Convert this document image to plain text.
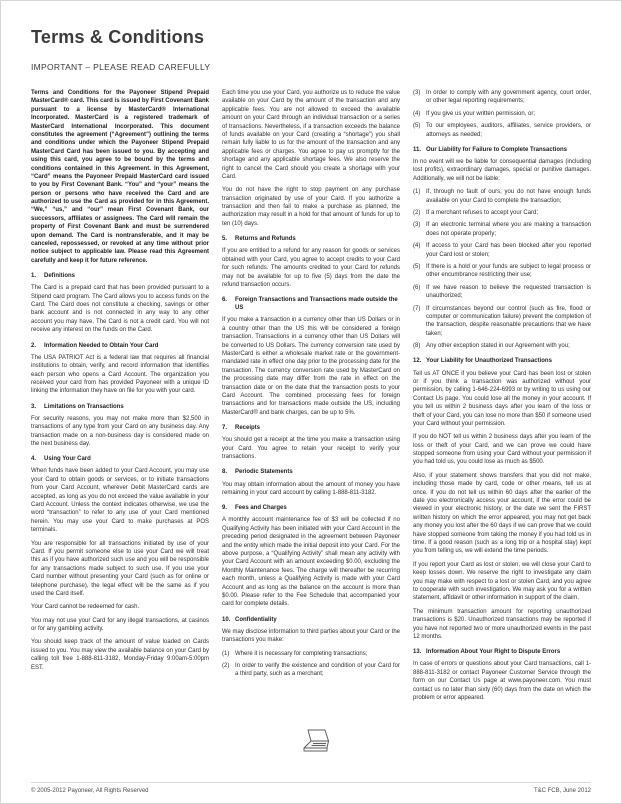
Terms & Conditions
IMPORTANT – PLEASE READ CAREFULLY

Terms and Conditions for the Payoneer Stipend Prepaid MasterCard® card. This card is issued by First Covenant Bank pursuant to a license by MasterCard® International Incorporated. MasterCard is a registered trademark of MasterCard International Incorporated. This document constitutes the agreement (“Agreement”) outlining the terms and conditions under which the Payoneer Stipend Prepaid MasterCard Card has been issued to you. By accepting and using this card, you agree to be bound by the terms and conditions contained in this Agreement. In this Agreement, “Card” means the Payoneer Prepaid MasterCard card issued to you by First Covenant Bank. “You” and “your” means the person or persons who have received the Card and are authorized to use the Card as provided for in this Agreement. “We,” “us,” and “our” mean First Covenant Bank, our successors, affiliates or assignees. The Card will remain the property of First Covenant Bank and must be surrendered upon demand. The Card is nontransferable, and it may be canceled, repossessed, or revoked at any time without prior notice subject to applicable law. Please read this Agreement carefully and keep it for future reference.

1.	Definitions

The Card is a prepaid card that has been provided pursuant to a Stipend card program. The Card allows you to access funds on the Card. The Card does not constitute a checking, savings or other bank account and is not connected in any way to any other account you may have. The Card is not a credit card. You will not receive any interest on the funds on the Card.

2.	Information Needed to Obtain Your Card

The USA PATRIOT Act is a federal law that requires all financial institutions to obtain, verify, and record information that identifies each person who opens a Card Account. The organization you received your card from has provided Payoneer with a unique ID linking the information they have on file for you with your card.

3.	Limitations on Transactions

For security reasons, you may not make more than $2,500 in transactions of any type from your Card on any business day. Any transaction made on a non-business day is considered made on the next business day.

4.	Using Your Card

When funds have been added to your Card Account, you may use your Card to obtain goods or services, or to initiate transactions from your Card Account, wherever Debit MasterCard cards are accepted, as long as you do not exceed the value available in your Card Account. Unless the context indicates otherwise, we use the word “transaction” to refer to any use of your Card mentioned herein. You may use your Card to make purchases at POS terminals.

You are responsible for all transactions initiated by use of your Card. If you permit someone else to use your Card we will treat this as if you have authorized such use and you will be responsible for any transactions made subject to such use. If you use your Card number without presenting your Card (such as for online or telephone purchase), the legal effect will be the same as if you used the Card itself.

Your Card cannot be redeemed for cash.

You may not use your Card for any illegal transactions, at casinos or for any gambling activity.

You should keep track of the amount of value loaded on Cards issued to you. You may view the available balance on your Card by calling toll free 1-888-811-3182, Monday-Friday 9:00am-5:00pm EST.

Each time you use your Card, you authorize us to reduce the value available on your Card by the amount of the transaction and any applicable fees. You are not allowed to exceed the available amount on your Card through an individual transaction or a series of transactions. Nevertheless, if a transaction exceeds the balance of funds available on your Card (creating a “shortage”) you shall remain fully liable to us for the amount of the transaction and any applicable fees or charges. You agree to pay us promptly for the shortage and any applicable shortage fees. We also reserve the right to cancel the Card should you create a shortage with your Card.

You do not have the right to stop payment on any purchase transaction originated by use of your Card. If you authorize a transaction and then fail to make a purchase as planned, the authorization may result in a hold for that amount of funds for up to ten (10) days.

5.	Returns and Refunds

If you are entitled to a refund for any reason for goods or services obtained with your Card, you agree to accept credits to your Card for such refunds. The amounts credited to your Card for refunds may not be available for up to five (5) days from the date the refund transaction occurs.

6.	Foreign Transactions and Transactions made outside the US

If you make a transaction in a currency other than US Dollars or in a country other than the US this will be considered a foreign transaction. Transactions in a currency other than US Dollars will be converted to US Dollars. The currency conversion rate used by MasterCard is either a wholesale market rate or the government-mandated rate in effect one day prior to the processing date for the transaction. The currency conversion rate used by MasterCard on the processing date may differ from the rate in effect on the transaction date or on the date that the transaction posts to your Card Account. The combined processing fees for foreign transactions and for transactions made outside the US, including MasterCard® and bank charges, can be up to 5%.

7.	Receipts

You should get a receipt at the time you make a transaction using your Card. You agree to retain your receipt to verify your transactions.

8.	Periodic Statements

You may obtain information about the amount of money you have remaining in your card account by calling 1-888-811-3182.

9.	Fees and Charges

A monthly account maintenance fee of $3 will be collected if no Qualifying Activity has been initiated with your Card Account in the preceding period designated in the agreement between Payoneer and the entity which made the initial deposit into your Card. For the above purpose, a “Qualifying Activity” shall mean any activity with your Card Account with an amount exceeding $0.00, excluding the Monthly Maintenance fees. The charge will thereafter be recurring each month, unless a Qualifying Activity is made with your Card Account and as long as the balance on the account is more than $0.00. Please refer to the Fee Schedule that accompanied your card for complete details.

10. Confidentiality

We may disclose information to third parties about your Card or the transactions you make:

(1) Where it is necessary for completing transactions;
(2) In order to verify the existence and condition of your Card for a third party, such as a merchant;
(3) In order to comply with any government agency, court order, or other legal reporting requirements;
(4) If you give us your written permission, or;
(5) To our employees, auditors, affiliates, service providers, or attorneys as needed;
11. Our Liability for Failure to Complete Transactions

In no event will we be liable for consequential damages (including lost profits), extraordinary damages, special or punitive damages. Additionally, we will not be liable:

(1) If, through no fault of ours, you do not have enough funds available on your Card to complete the transaction;
(2) If a merchant refuses to accept your Card;
(3) If an electronic terminal where you are making a transaction does not operate properly;
(4) If access to your Card has been blocked after you reported your Card lost or stolen;
(5) If there is a hold or your funds are subject to legal process or other encumbrance restricting their use;
(6) If we have reason to believe the requested transaction is unauthorized;
(7) If circumstances beyond our control (such as fire, flood or computer or communication failure) prevent the completion of the transaction, despite reasonable precautions that we have taken;
(8) Any other exception stated in our Agreement with you;
12. Your Liability for Unauthorized Transactions

Tell us AT ONCE if you believe your Card has been lost or stolen or if you think a transaction was authorized without your permission, by calling 1-646-224-6993 or by writing to us using our Contact Us page. You could lose all the money in your account. If you tell us within 2 business days after you learn of the loss or theft of your Card, you can lose no more than $50 if someone used your Card without your permission.

If you do NOT tell us within 2 business days after you learn of the loss or theft of your Card, and we can prove we could have stopped someone from using your Card without your permission if you had told us, you could lose as much as $500.

Also, if your statement shows transfers that you did not make, including those made by card, code or other means, tell us at once. If you do not tell us within 60 days after the earlier of the date you electronically access your account, if the error could be viewed in your electronic history, or the date we sent the FIRST written history on which the error appeared, you may not get back any money you lost after the 60 days if we can prove that we could have stopped someone from taking the money if you had told us in time. If a good reason (such as a long trip or a hospital stay) kept you from telling us, we will extend the time periods.

If you report your Card as lost or stolen, we will close your Card to keep losses down. We reserve the right to investigate any claim you may make with respect to a lost or stolen Card, and you agree to cooperate with such investigation. We may ask you for a written statement, affidavit or other information in support of the claim.

The minimum transaction amount for reporting unauthorized transactions is $20. Unauthorized transactions may be reported if you have not reported two or more unauthorized events in the past 12 months.

13. Information About Your Right to Dispute Errors

In case of errors or questions about your Card transactions, call 1-888-811-3182 or contact Payoneer Customer Service through the form on our Contact Us page at www.payoneer.com. You must contact us no later than sixty (60) days from the date on which the problem or error appeared.

© 2005-2012 Payoneer, All Rights Reserved	T&C FCB, June 2012
